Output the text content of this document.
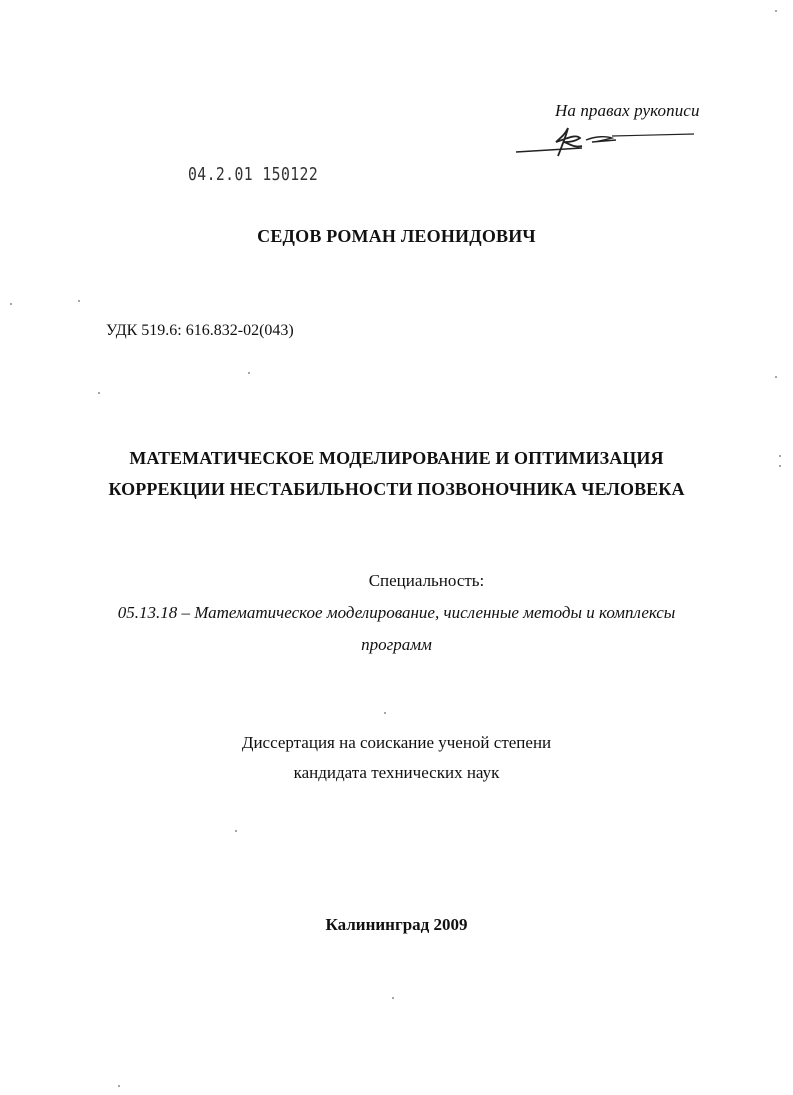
На правах рукописи
04.2.01 150122
СЕДОВ РОМАН ЛЕОНИДОВИЧ
УДК 519.6: 616.832-02(043)
МАТЕМАТИЧЕСКОЕ МОДЕЛИРОВАНИЕ И ОПТИМИЗАЦИЯ
КОРРЕКЦИИ НЕСТАБИЛЬНОСТИ ПОЗВОНОЧНИКА ЧЕЛОВЕКА
Специальность:
05.13.18 – Математическое моделирование, численные методы и комплексы
программ
Диссертация на соискание ученой степени
кандидата технических наук
Калининград 2009
